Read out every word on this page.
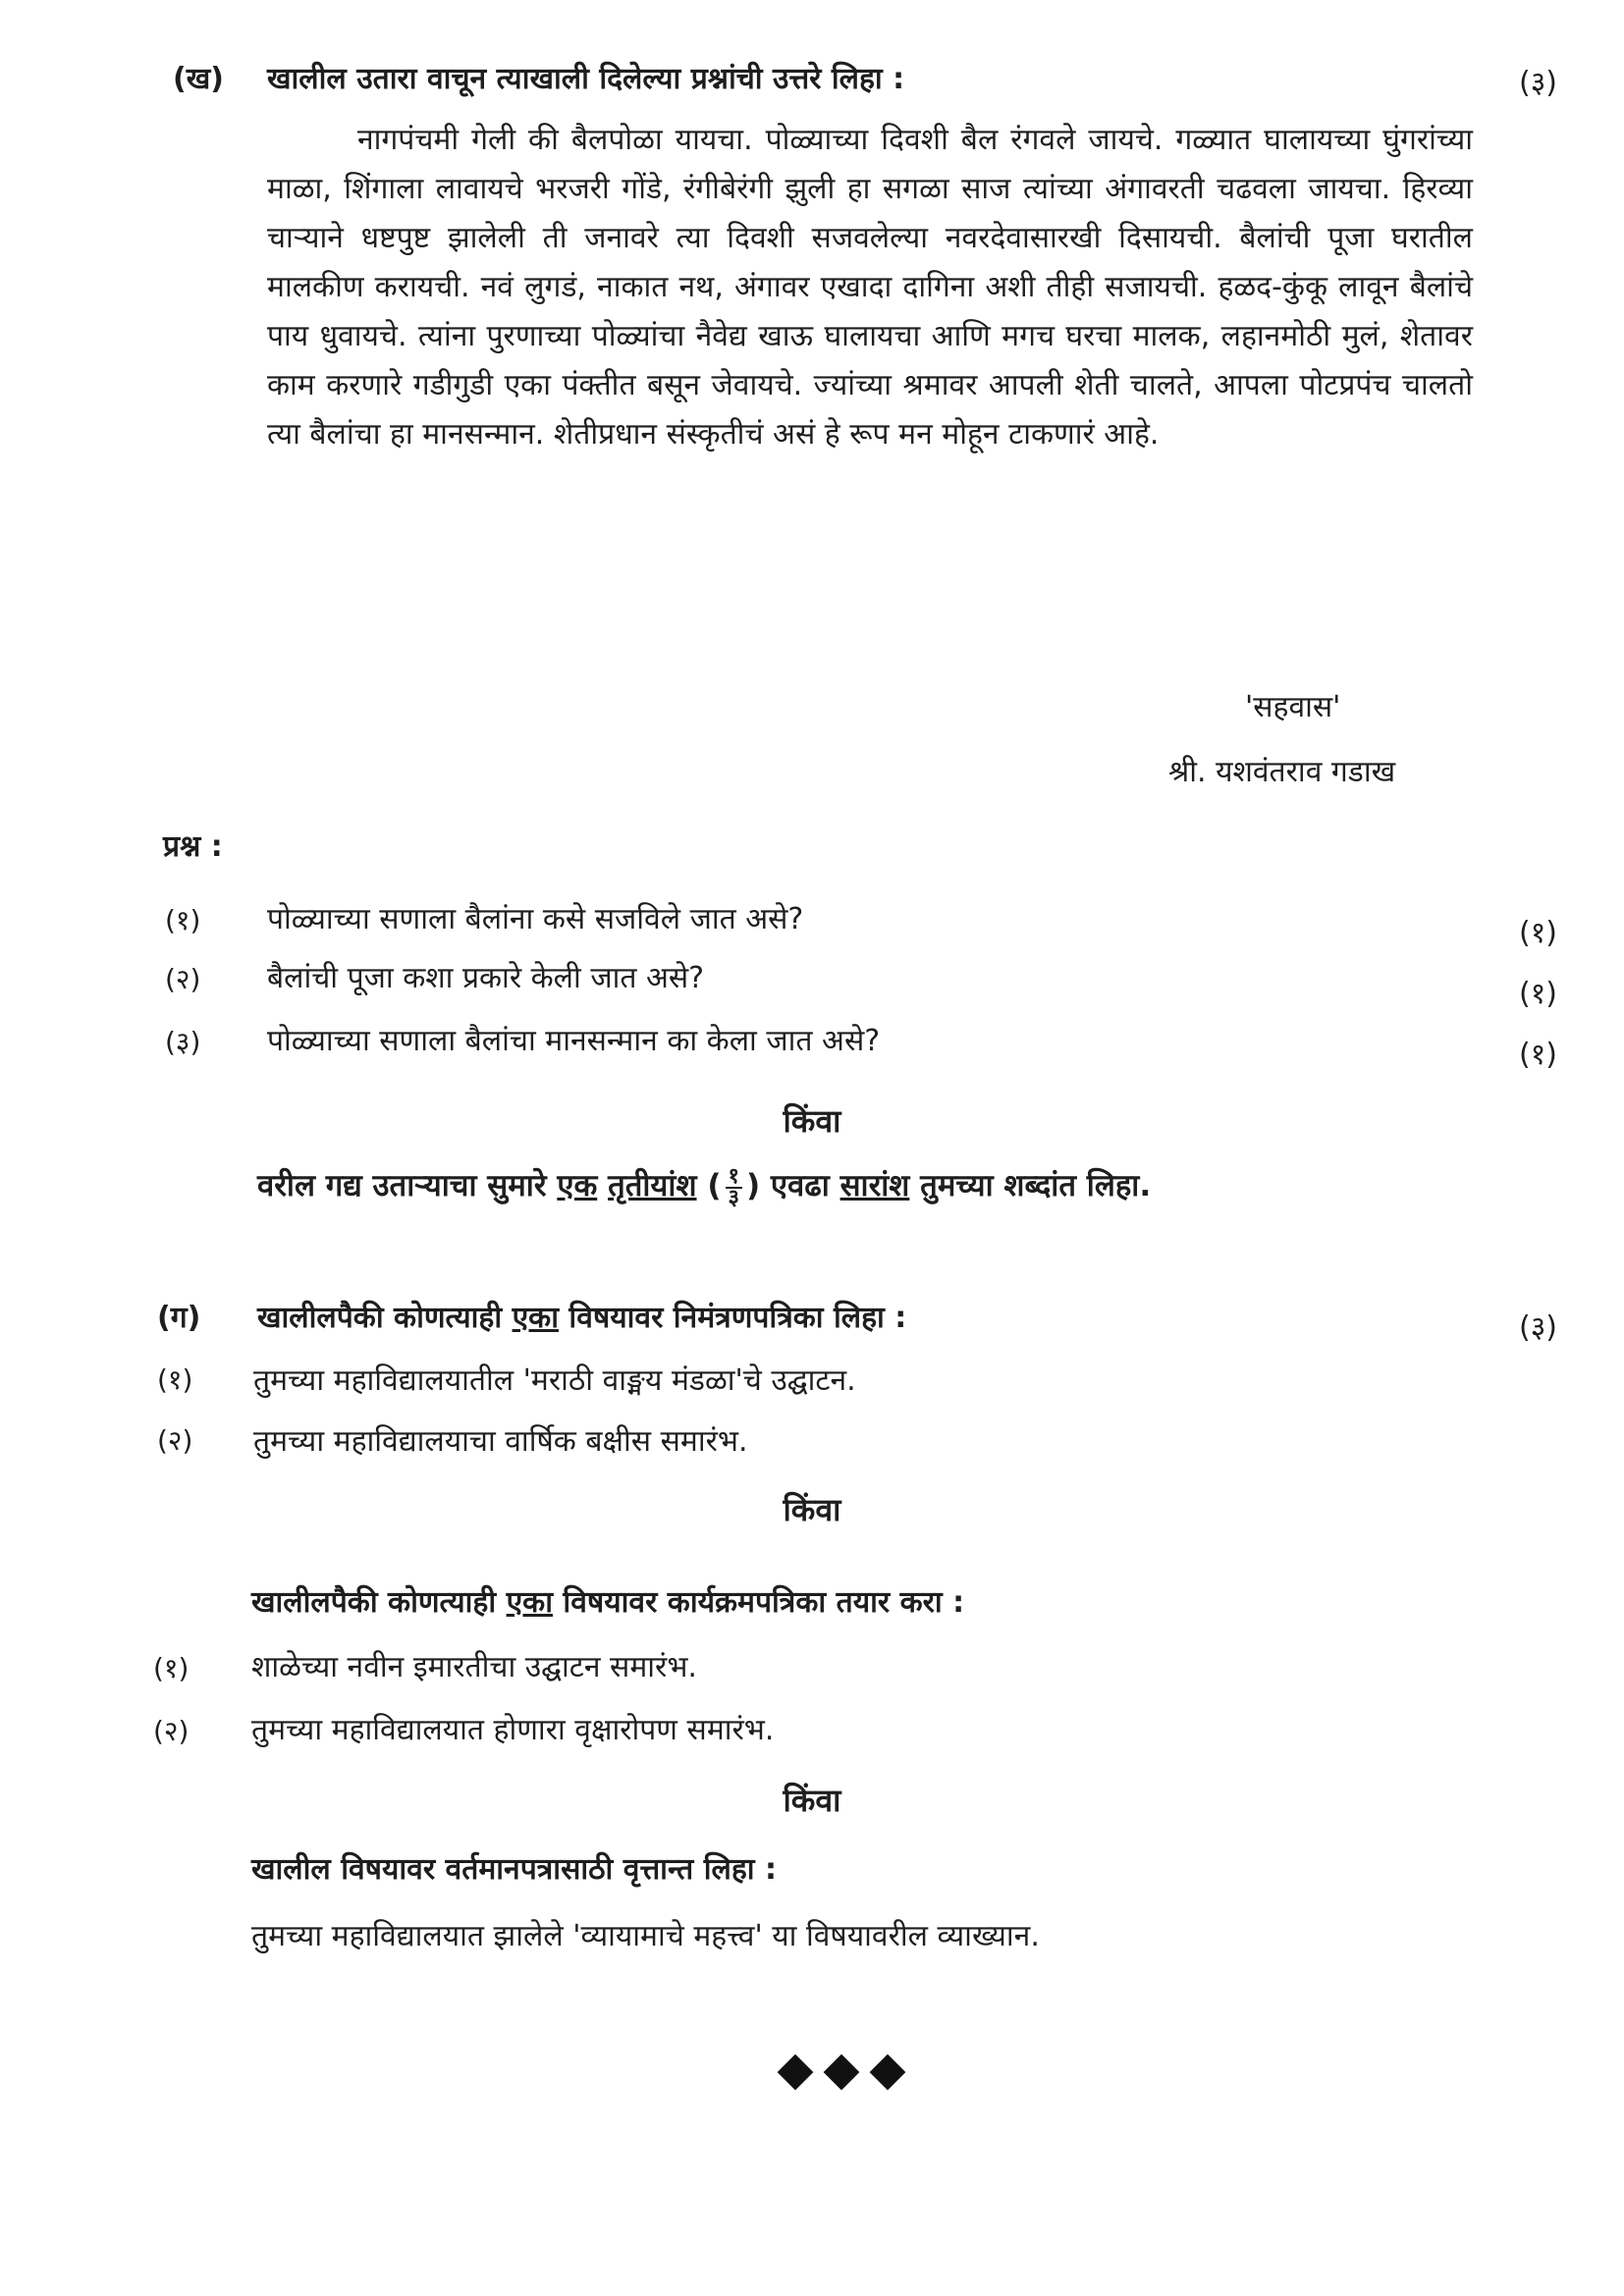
(ख) खालील उतारा वाचून त्याखाली दिलेल्या प्रश्नांची उत्तरे लिहा :	(३)
नागपंचमी गेली की बैलपोळा यायचा. पोळ्याच्या दिवशी बैल रंगवले जायचे. गळ्यात घालायच्या घुंगरांच्या माळा, शिंगाला लावायचे भरजरी गोंडे, रंगीबेरंगी झुली हा सगळा साज त्यांच्या अंगावरती चढवला जायचा. हिरव्या चाऱ्याने धष्टपुष्ट झालेली ती जनावरे त्या दिवशी सजवलेल्या नवरदेवासारखी दिसायची. बैलांची पूजा घरातील मालकीण करायची. नवं लुगडं, नाकात नथ, अंगावर एखादा दागिना अशी तीही सजायची. हळद-कुंकू लावून बैलांचे पाय धुवायचे. त्यांना पुरणाच्या पोळ्यांचा नैवेद्य खाऊ घालायचा आणि मगच घरचा मालक, लहानमोठी मुलं, शेतावर काम करणारे गडीगुडी एका पंक्तीत बसून जेवायचे. ज्यांच्या श्रमावर आपली शेती चालते, आपला पोटप्रपंच चालतो त्या बैलांचा हा मानसन्मान. शेतीप्रधान संस्कृतीचं असं हे रूप मन मोहून टाकणारं आहे.
'सहवास'
श्री. यशवंतराव गडाख
प्रश्न :
(१) पोळ्याच्या सणाला बैलांना कसे सजविले जात असे?	(१)
(२) बैलांची पूजा कशा प्रकारे केली जात असे?	(१)
(३) पोळ्याच्या सणाला बैलांचा मानसन्मान का केला जात असे?	(१)
किंवा
वरील गद्य उताऱ्याचा सुमारे एक तृतीयांश ( $\frac{१}{३}$ ) एवढा सारांश तुमच्या शब्दांत लिहा.
(ग) खालीलपैकी कोणत्याही एका विषयावर निमंत्रणपत्रिका लिहा :	(३)
(१) तुमच्या महाविद्यालयातील 'मराठी वाङ्मय मंडळा'चे उद्घाटन.
(२) तुमच्या महाविद्यालयाचा वार्षिक बक्षीस समारंभ.
किंवा
खालीलपैकी कोणत्याही एका विषयावर कार्यक्रमपत्रिका तयार करा :
(१) शाळेच्या नवीन इमारतीचा उद्घाटन समारंभ.
(२) तुमच्या महाविद्यालयात होणारा वृक्षारोपण समारंभ.
किंवा
खालील विषयावर वर्तमानपत्रासाठी वृत्तान्त लिहा :
तुमच्या महाविद्यालयात झालेले 'व्यायामाचे महत्त्व' या विषयावरील व्याख्यान.
